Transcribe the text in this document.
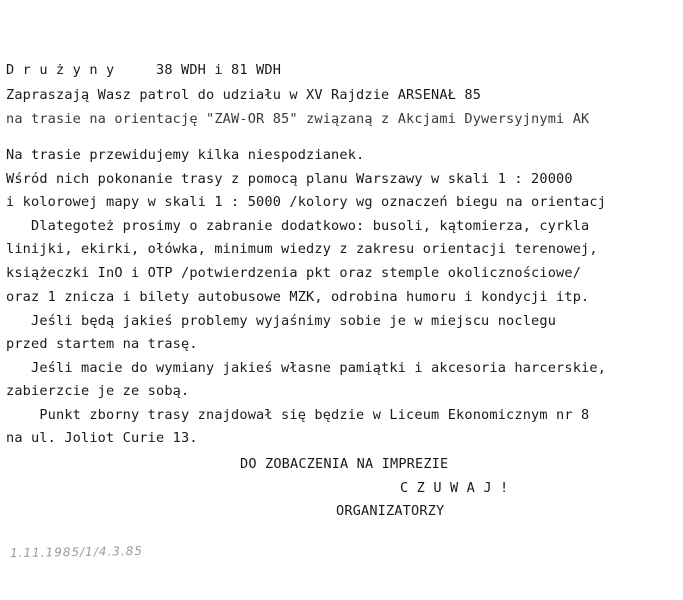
D r u ż y n y     38 WDH i 81 WDH
Zapraszają Wasz patrol do udziału w XV Rajdzie ARSENAŁ 85
na trasie na orientację "ZAW-OR 85" związaną z Akcjami Dywersyjnymi AK
Na trasie przewidujemy kilka niespodzianek.
Wśród nich pokonanie trasy z pomocą planu Warszawy w skali 1 : 20000
i kolorowej mapy w skali 1 : 5000 /kolory wg oznaczeń biegu na orientacj
Dlategoteż prosimy o zabranie dodatkowo: busoli, kątomierza, cyrkla
linijki, ekirki, ołówka, minimum wiedzy z zakresu orientacji terenowej,
książeczki InO i OTP /potwierdzenia pkt oraz stemple okolicznościowe/
oraz 1 znicza i bilety autobusowe MZK, odrobina humoru i kondycji itp.
Jeśli będą jakieś problemy wyjaśnimy sobie je w miejscu noclegu
przed startem na trasę.
Jeśli macie do wymiany jakieś własne pamiątki i akcesoria harcerskie,
zabierzcie je ze sobą.
Punkt zborny trasy znajdował się będzie w Liceum Ekonomicznym nr 8
na ul. Joliot Curie 13.
DO ZOBACZENIA NA IMPREZIE
C Z U W A J !
ORGANIZATORZY
1.11.1985/1/4.3.85
